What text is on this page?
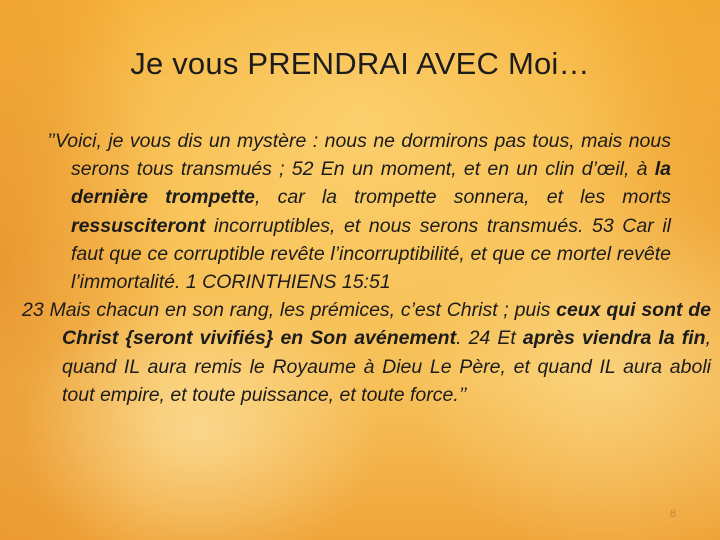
Je vous PRENDRAI AVEC Moi…

’’Voici, je vous dis un mystère : nous ne dormirons pas tous, mais nous serons tous transmués ; 52 En un moment, et en un clin d’œil, à la dernière trompette, car la trompette sonnera, et les morts ressusciteront incorruptibles, et nous serons transmués. 53 Car il faut que ce corruptible revête l’incorruptibilité, et que ce mortel revête l’immortalité. 1 CORINTHIENS 15:51

23 Mais chacun en son rang, les prémices, c’est Christ ; puis ceux qui sont de Christ {seront vivifiés} en Son avénement. 24 Et après viendra la fin, quand IL aura remis le Royaume à Dieu Le Père, et quand IL aura aboli tout empire, et toute puissance, et toute force.’’

8
